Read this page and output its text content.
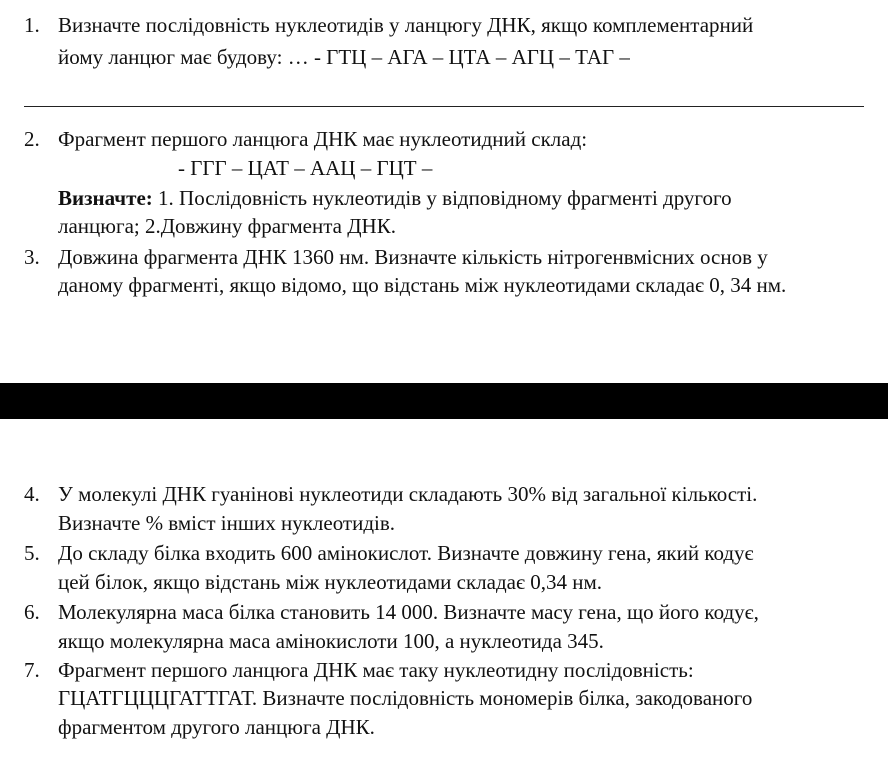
1. Визначте послідовність нуклеотидів у ланцюгу ДНК, якщо комплементарний
йому ланцюг має будову: … - ГТЦ – АГА – ЦТА – АГЦ – ТАГ –
2. Фрагмент першого ланцюга ДНК має нуклеотидний склад:
- ГГГ – ЦАТ – ААЦ – ГЦТ –
Визначте: 1. Послідовність нуклеотидів у відповідному фрагменті другого
ланцюга; 2.Довжину фрагмента ДНК.
3. Довжина фрагмента ДНК 1360 нм. Визначте кількість нітрогенвмісних основ у
даному фрагменті, якщо відомо, що відстань між нуклеотидами складає 0, 34 нм.
4. У молекулі ДНК гуанінові нуклеотиди складають 30% від загальної кількості.
Визначте % вміст інших нуклеотидів.
5. До складу білка входить 600 амінокислот. Визначте довжину гена, який кодує
цей білок, якщо відстань між нуклеотидами складає 0,34 нм.
6. Молекулярна маса білка становить 14 000. Визначте масу гена, що його кодує,
якщо молекулярна маса амінокислоти 100, а нуклеотида 345.
7. Фрагмент першого ланцюга ДНК має таку нуклеотидну послідовність:
ГЦАТГЦЦЦГАТТГАТ. Визначте послідовність мономерів білка, закодованого
фрагментом другого ланцюга ДНК.
